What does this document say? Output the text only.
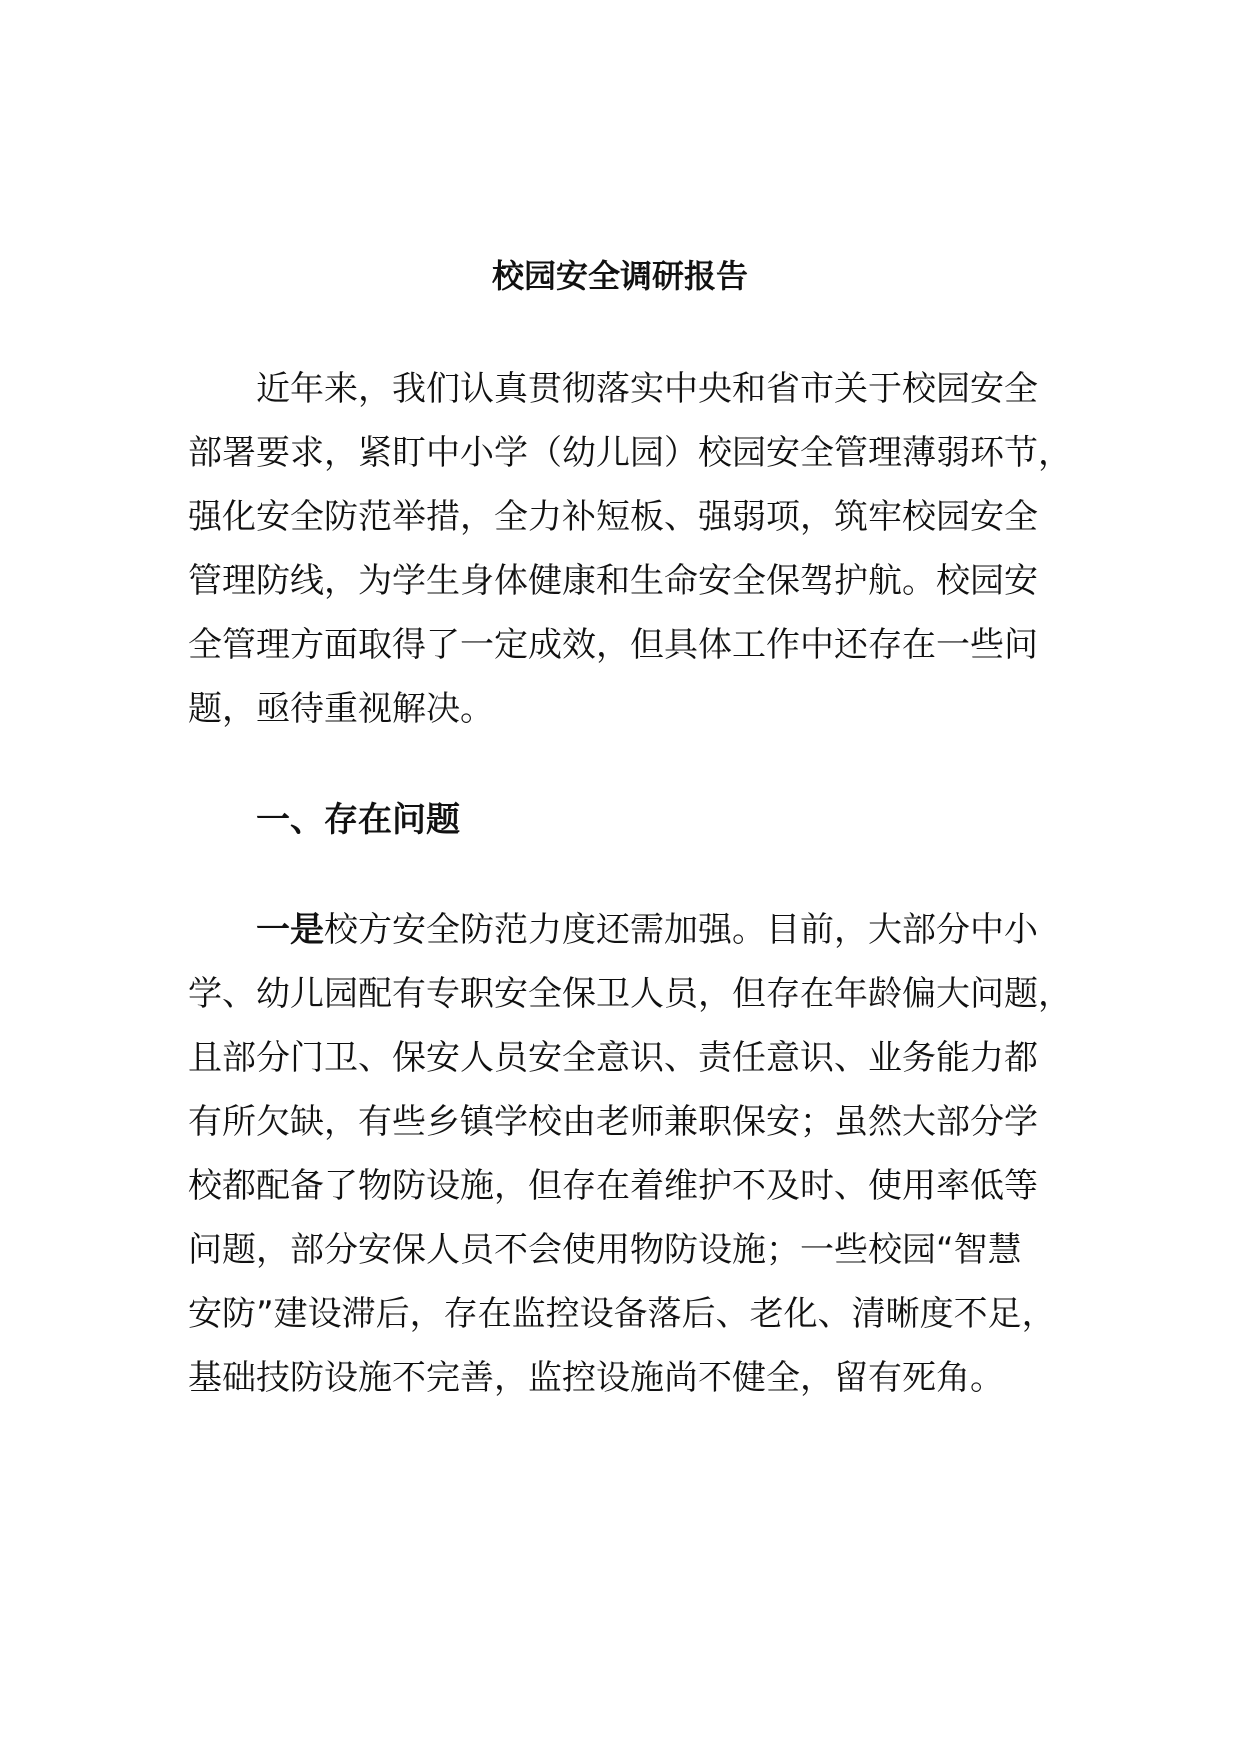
校园安全调研报告
近年来，我们认真贯彻落实中央和省市关于校园安全
部署要求，紧盯中小学（幼儿园）校园安全管理薄弱环节，
强化安全防范举措，全力补短板、强弱项，筑牢校园安全
管理防线，为学生身体健康和生命安全保驾护航。校园安
全管理方面取得了一定成效，但具体工作中还存在一些问
题，亟待重视解决。
一、存在问题
一是校方安全防范力度还需加强。目前，大部分中小
学、幼儿园配有专职安全保卫人员，但存在年龄偏大问题，
且部分门卫、保安人员安全意识、责任意识、业务能力都
有所欠缺，有些乡镇学校由老师兼职保安；虽然大部分学
校都配备了物防设施，但存在着维护不及时、使用率低等
问题，部分安保人员不会使用物防设施；一些校园“智慧
安防”建设滞后，存在监控设备落后、老化、清晰度不足，
基础技防设施不完善，监控设施尚不健全，留有死角。
